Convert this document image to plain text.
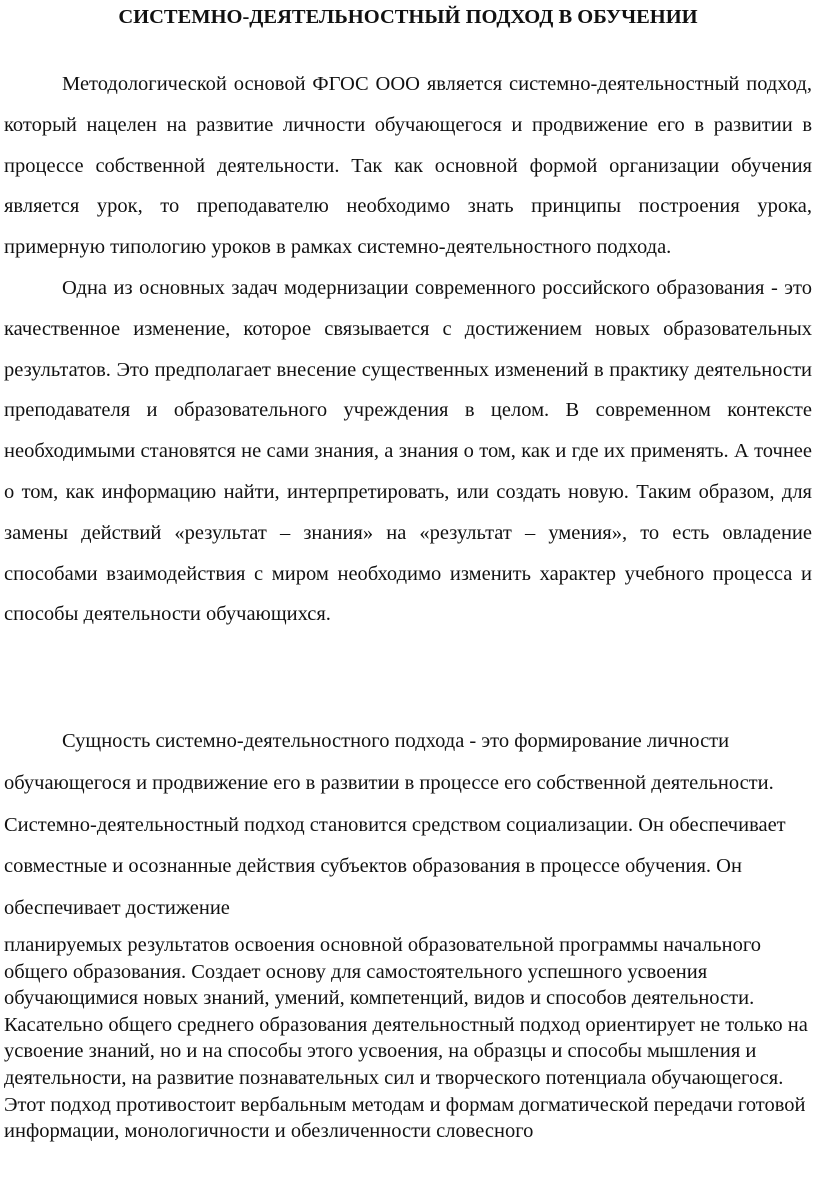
СИСТЕМНО-ДЕЯТЕЛЬНОСТНЫЙ ПОДХОД В ОБУЧЕНИИ

Методологической основой ФГОС ООО является системно-деятельностный подход, который нацелен на развитие личности обучающегося и продвижение его в развитии в процессе собственной деятельности. Так как основной формой организации обучения является урок, то преподавателю необходимо знать принципы построения урока, примерную типологию уроков в рамках системно-деятельностного подхода.

Одна из основных задач модернизации современного российского образования - это качественное изменение, которое связывается с достижением новых образовательных результатов. Это предполагает внесение существенных изменений в практику деятельности преподавателя и образовательного учреждения в целом. В современном контексте необходимыми становятся не сами знания, а знания о том, как и где их применять. А точнее о том, как информацию найти, интерпретировать, или создать новую. Таким образом, для замены действий «результат – знания» на «результат – умения», то есть овладение способами взаимодействия с миром необходимо изменить характер учебного процесса и способы деятельности обучающихся.

Сущность системно-деятельностного подхода - это формирование личности обучающегося и продвижение его в развитии в процессе его собственной деятельности. Системно-деятельностный подход становится средством социализации. Он обеспечивает совместные и осознанные действия субъектов образования в процессе обучения. Он обеспечивает достижение

планируемых результатов освоения основной образовательной программы начального общего образования. Создает основу для самостоятельного успешного усвоения обучающимися новых знаний, умений, компетенций, видов и способов деятельности. Касательно общего среднего образования деятельностный подход ориентирует не только на усвоение знаний, но и на способы этого усвоения, на образцы и способы мышления и деятельности, на развитие познавательных сил и творческого потенциала обучающегося. Этот подход противостоит вербальным методам и формам догматической передачи готовой информации, монологичности и обезличенности словесного
